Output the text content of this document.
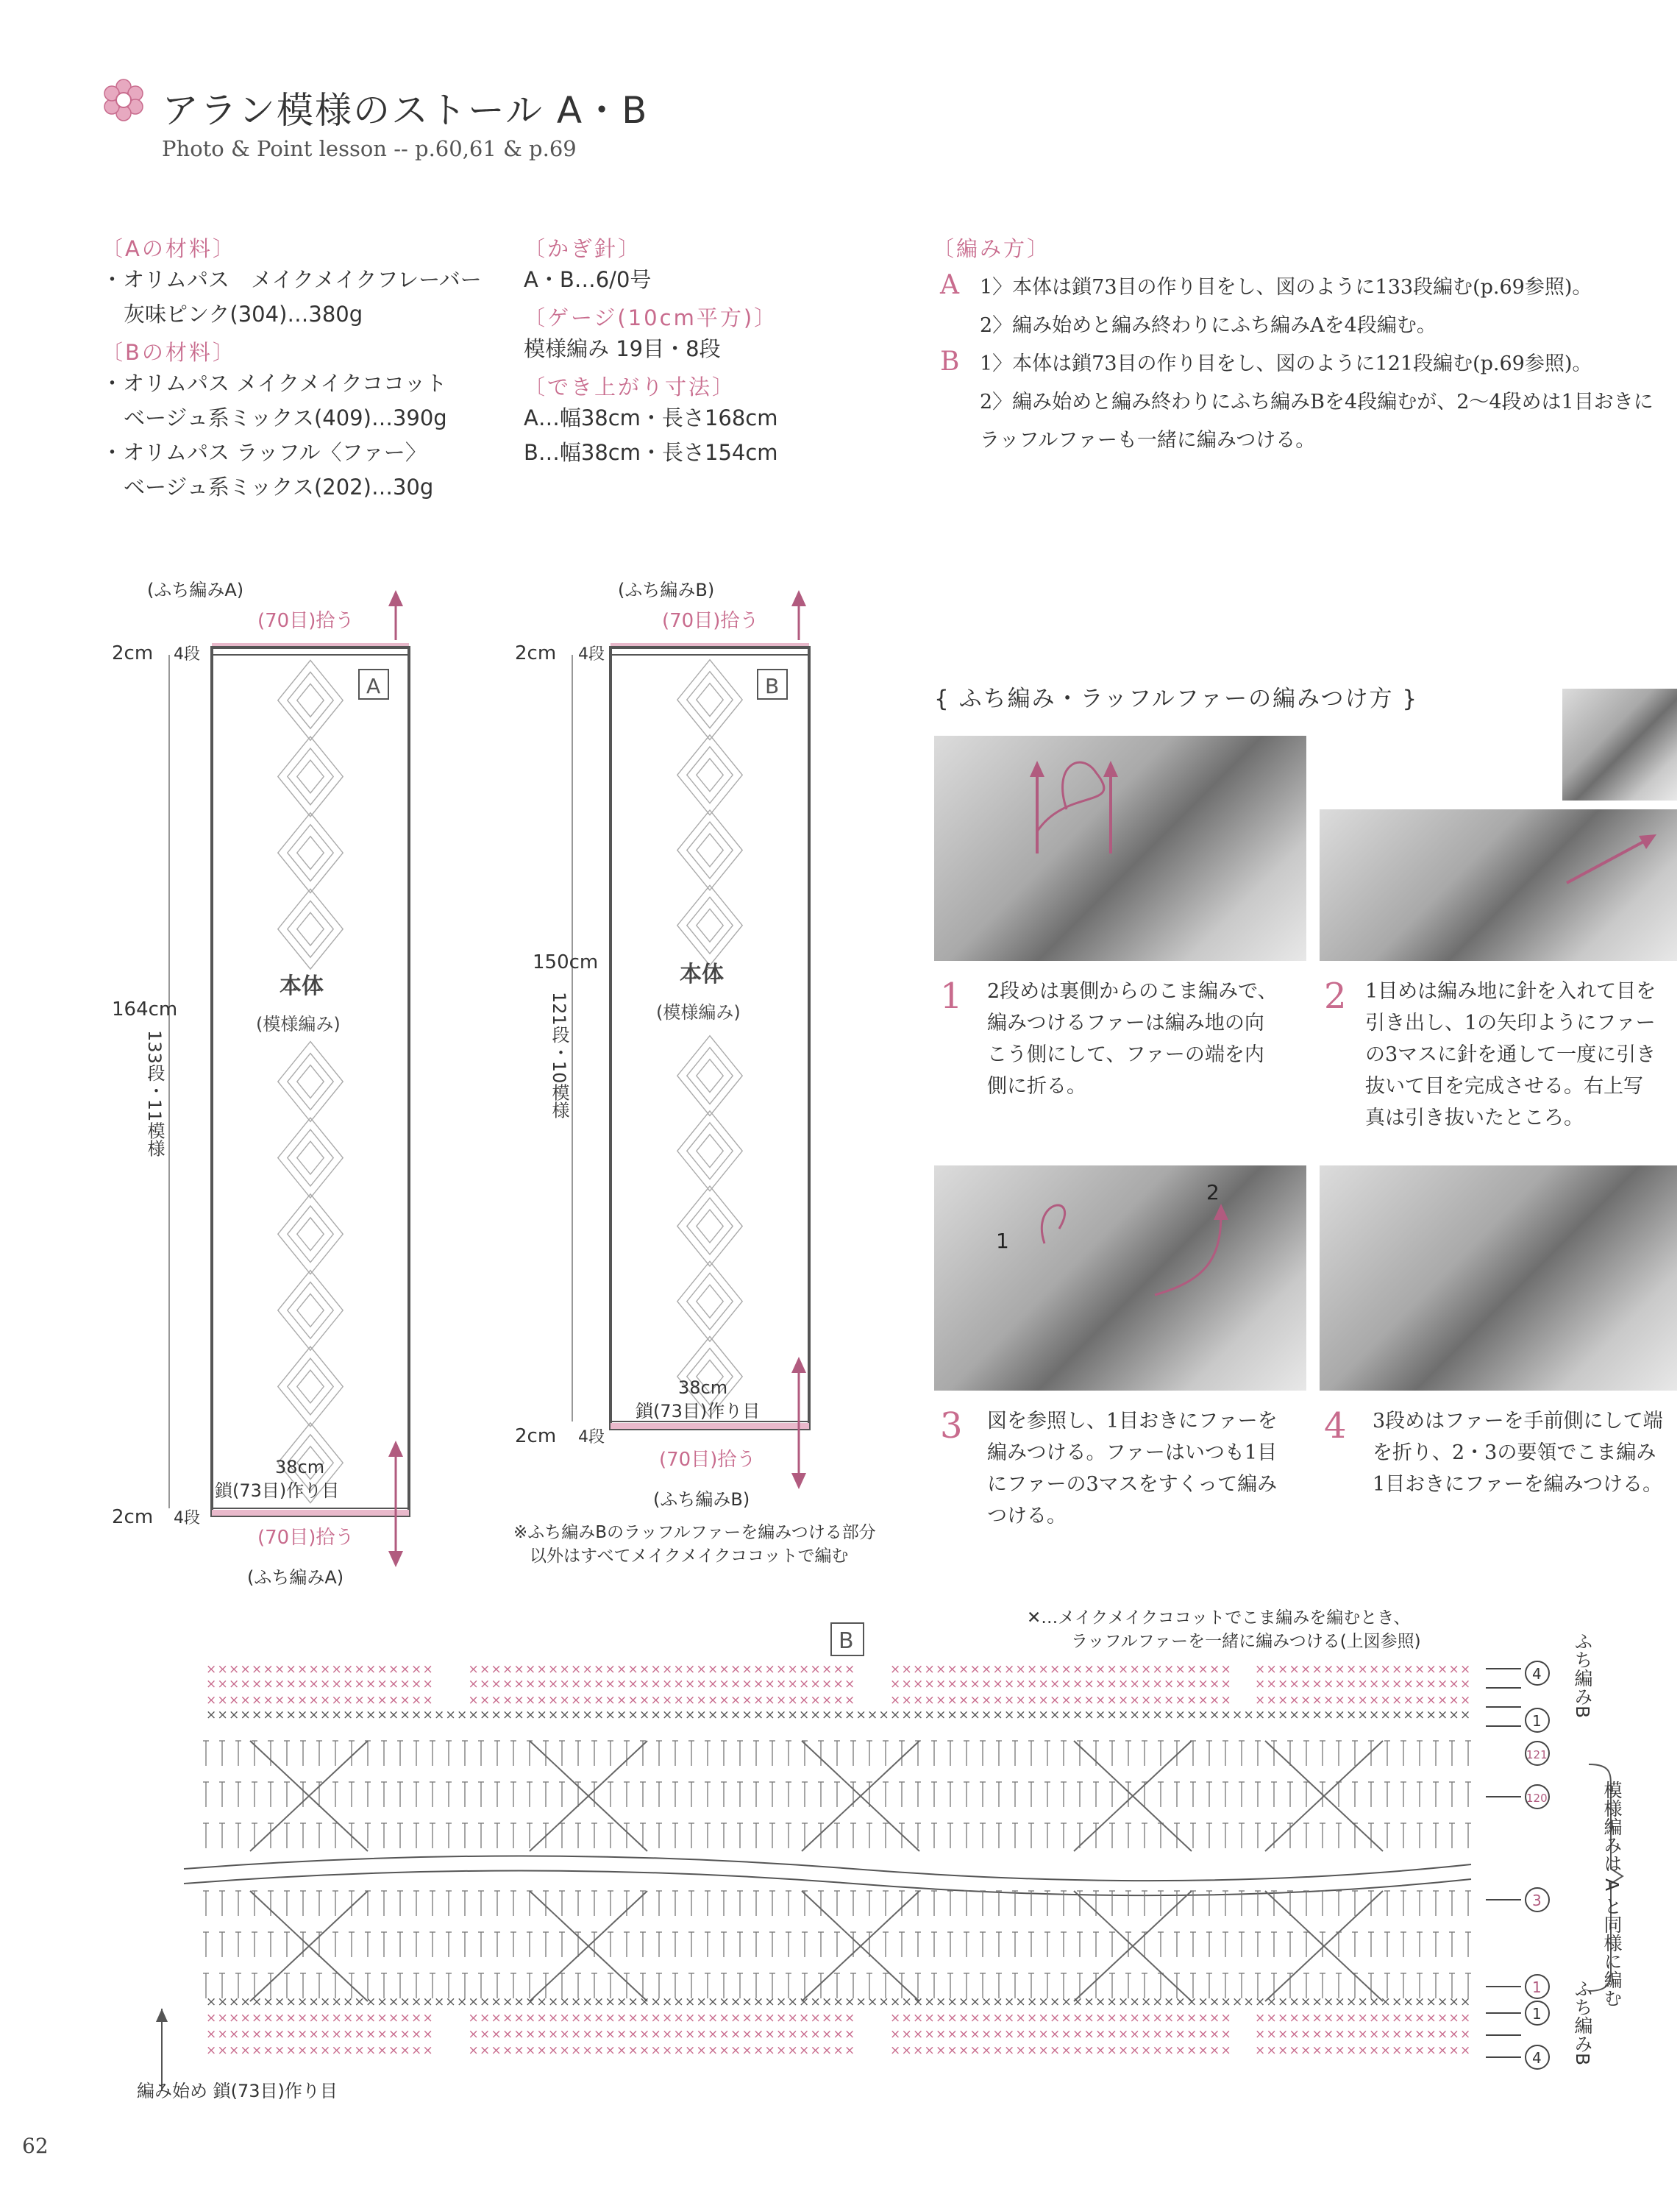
アラン模様のストール A・B
Photo & Point lesson -- p.60,61 & p.69
〔Aの材料〕
・オリムパス　メイクメイクフレーバー
灰味ピンク(304)…380g
〔Bの材料〕
・オリムパス メイクメイクココット
ベージュ系ミックス(409)…390g
・オリムパス ラッフル〈ファー〉
ベージュ系ミックス(202)…30g
〔かぎ針〕
A・B…6/0号
〔ゲージ(10cm平方)〕
模様編み 19目・8段
〔でき上がり寸法〕
A…幅38cm・長さ168cm
B…幅38cm・長さ154cm
〔編み方〕
A 1〉本体は鎖73目の作り目をし、図のように133段編む(p.69参照)。
2〉編み始めと編み終わりにふち編みAを4段編む。
B 1〉本体は鎖73目の作り目をし、図のように121段編む(p.69参照)。
2〉編み始めと編み終わりにふち編みBを4段編むが、2～4段めは1目おきに
ラッフルファーも一緒に編みつける。
(ふち編みA)
(70目)拾う
2cm 4段
A
本体
(模様編み)
164cm
2cm 4段
38cm
鎖(73目)作り目
(70目)拾う
(ふち編みA)
133段・11模様
(ふち編みB)
(70目)拾う
2cm 4段
B
本体
(模様編み)
150cm
2cm 4段
38cm
鎖(73目)作り目
(70目)拾う
(ふち編みB)
※ふち編みBのラッフルファーを編みつける部分
以外はすべてメイクメイクココットで編む
121段・10模様
{ ふち編み・ラッフルファーの編みつけ方 }
1
2
1 2段めは裏側からのこま編みで、
編みつけるファーは編み地の向
こう側にして、ファーの端を内
側に折る。
2 1目めは編み地に針を入れて目を
引き出し、1の矢印ようにファー
の3マスに針を通して一度に引き
抜いて目を完成させる。右上写
真は引き抜いたところ。
3 図を参照し、1目おきにファーを
編みつける。ファーはいつも1目
にファーの3マスをすくって編み
つける。
4 3段めはファーを手前側にして端
を折り、2・3の要領でこま編み
1目おきにファーを編みつける。
B
✕…メイクメイクココットでこま編みを編むとき、
ラッフルファーを一緒に編みつける(上図参照)
× × × × × × × × × × × × × × × × × × × ×	× × × × × × × × × × × × × × × × × × × × × × × × × × × × × × × × × ×	× × × × × × × × × × × × × × × × × × × × × × × × × × × × × × × × × × × × × × × × × × × × × × × × ×
× × × × × × × × × × × × × × × × × × × ×	× × × × × × × × × × × × × × × × × × × × × × × × × × × × × × × × × ×	× × × × × × × × × × × × × × × × × × × × × × × × × × × × × × × × × × × × × × × × × × × × × × × × ×
× × × × × × × × × × × × × × × × × × × ×	× × × × × × × × × × × × × × × × × × × × × × × × × × × × × × × × × ×	× × × × × × × × × × × × × × × × × × × × × × × × × × × × × × × × × × × × × × × × × × × × × × × × ×
× × × × × × × × × × × × × × × × × × × × × × × × × × × × × × × × × × × × × × × × × × × × × × × × × × × × × × × × × × × × × × × × × × × × × × × × × × × × × × × × × × × × × × × × × × × × × × × × × × × × × × × × × × × × × × ×
× × × × × × × × × × × × × × × × × × × × × × × × × × × × × × × × × × × × × × × × × × × × × × × × × × × × × × × × × × × × × × × × × × × × × × × × × × × × × × × × × × × × × × × × × × × × × × × × × × × × × × × × × × × × × × ×
× × × × × × × × × × × × × × × × × × × ×	× × × × × × × × × × × × × × × × × × × × × × × × × × × × × × × × × ×	× × × × × × × × × × × × × × × × × × × × × × × × × × × × × × × × × × × × × × × × × × × × × × × × ×
× × × × × × × × × × × × × × × × × × × ×	× × × × × × × × × × × × × × × × × × × × × × × × × × × × × × × × × ×	× × × × × × × × × × × × × × × × × × × × × × × × × × × × × × × × × × × × × × × × × × × × × × × × ×
× × × × × × × × × × × × × × × × × × × ×	× × × × × × × × × × × × × × × × × × × × × × × × × × × × × × × × × ×	× × × × × × × × × × × × × × × × × × × × × × × × × × × × × × × × × × × × × × × × × × × × × × × × ×
4
1
121
120
3
1
1
4
ふち編みB
模様編みは A と同様に編む
ふち編みB
編み始め 鎖(73目)作り目
62
